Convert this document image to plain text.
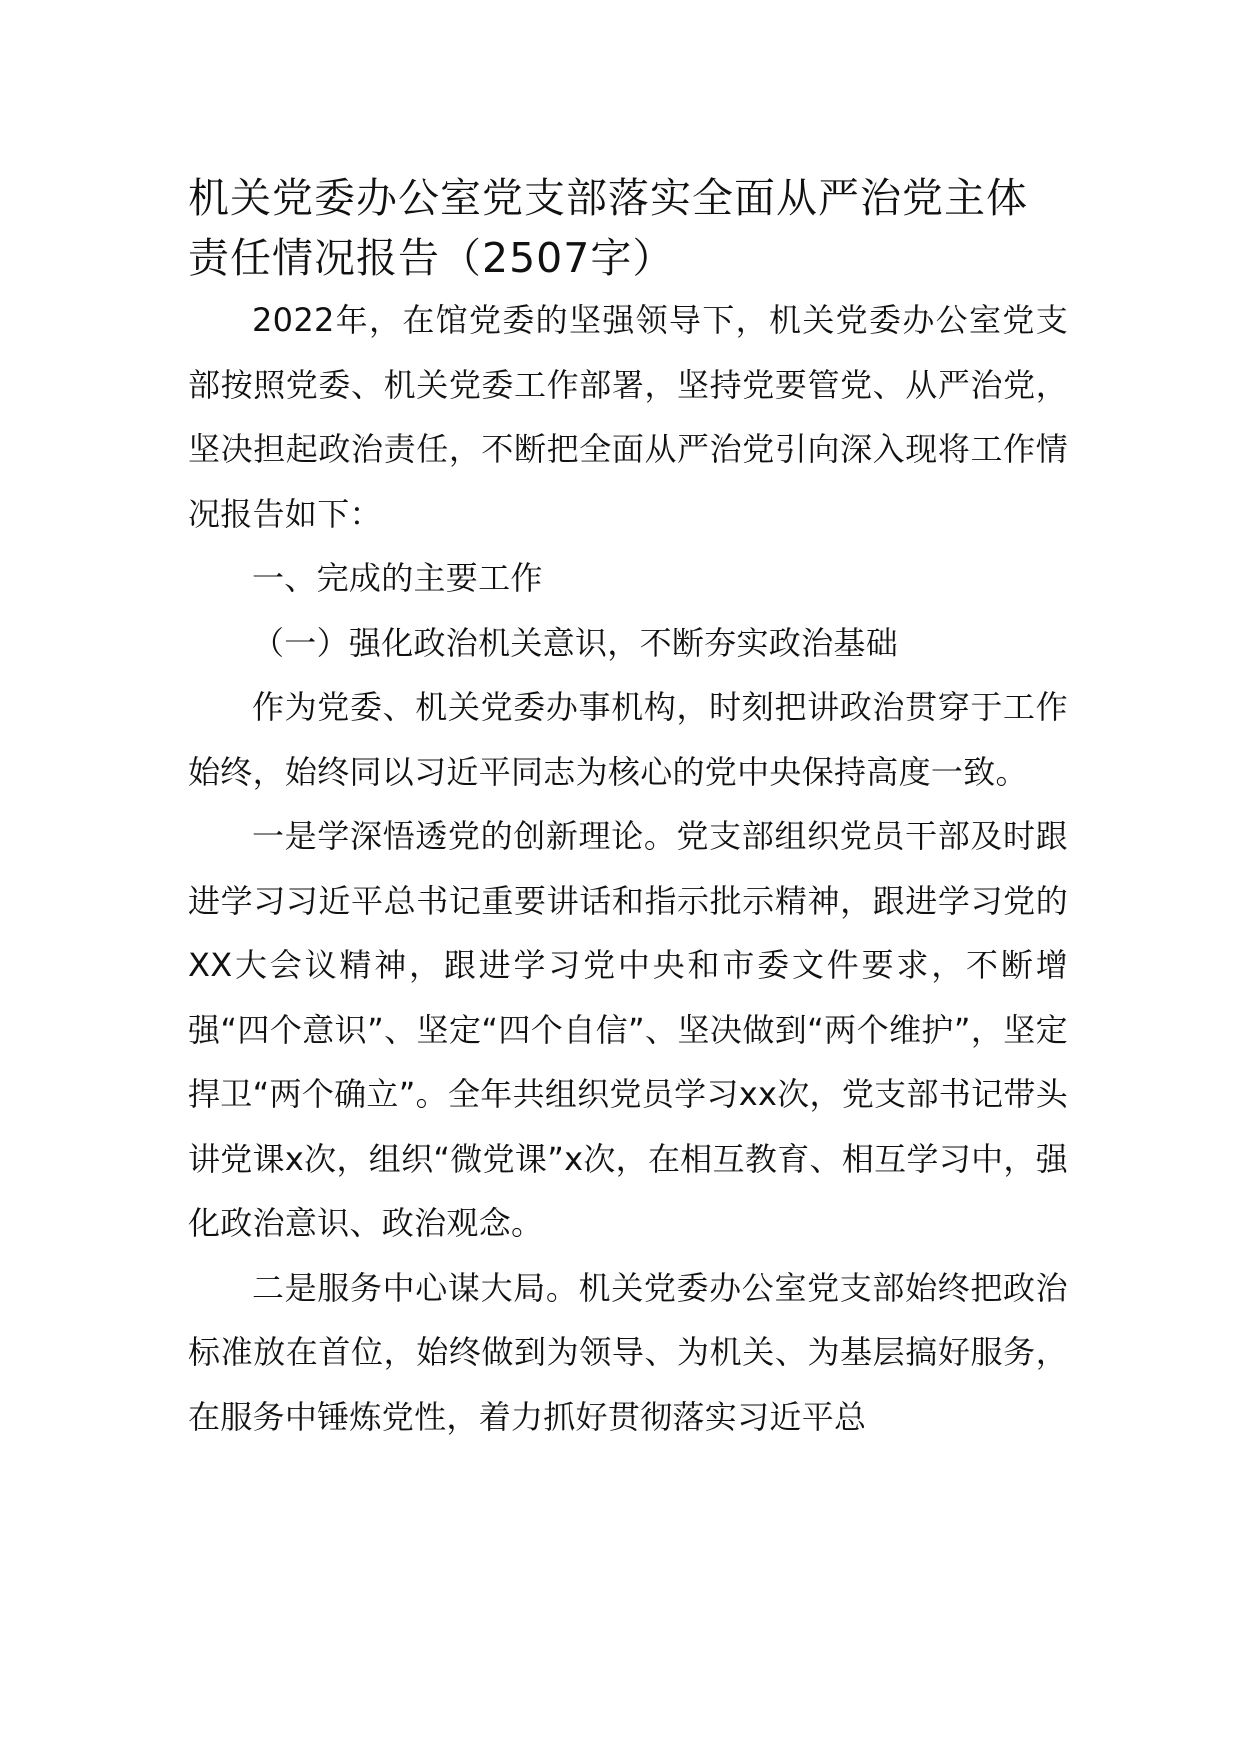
机关党委办公室党支部落实全面从严治党主体责任情况报告（2507字）

2022年，在馆党委的坚强领导下，机关党委办公室党支部按照党委、机关党委工作部署，坚持党要管党、从严治党，坚决担起政治责任，不断把全面从严治党引向深入现将工作情况报告如下：

一、完成的主要工作

（一）强化政治机关意识，不断夯实政治基础

作为党委、机关党委办事机构，时刻把讲政治贯穿于工作始终，始终同以习近平同志为核心的党中央保持高度一致。

一是学深悟透党的创新理论。党支部组织党员干部及时跟进学习习近平总书记重要讲话和指示批示精神，跟进学习党的XX大会议精神，跟进学习党中央和市委文件要求，不断增强“四个意识”、坚定“四个自信”、坚决做到“两个维护”，坚定捍卫“两个确立”。全年共组织党员学习xx次，党支部书记带头讲党课x次，组织“微党课”x次，在相互教育、相互学习中，强化政治意识、政治观念。

二是服务中心谋大局。机关党委办公室党支部始终把政治标准放在首位，始终做到为领导、为机关、为基层搞好服务，在服务中锤炼党性，着力抓好贯彻落实习近平总
